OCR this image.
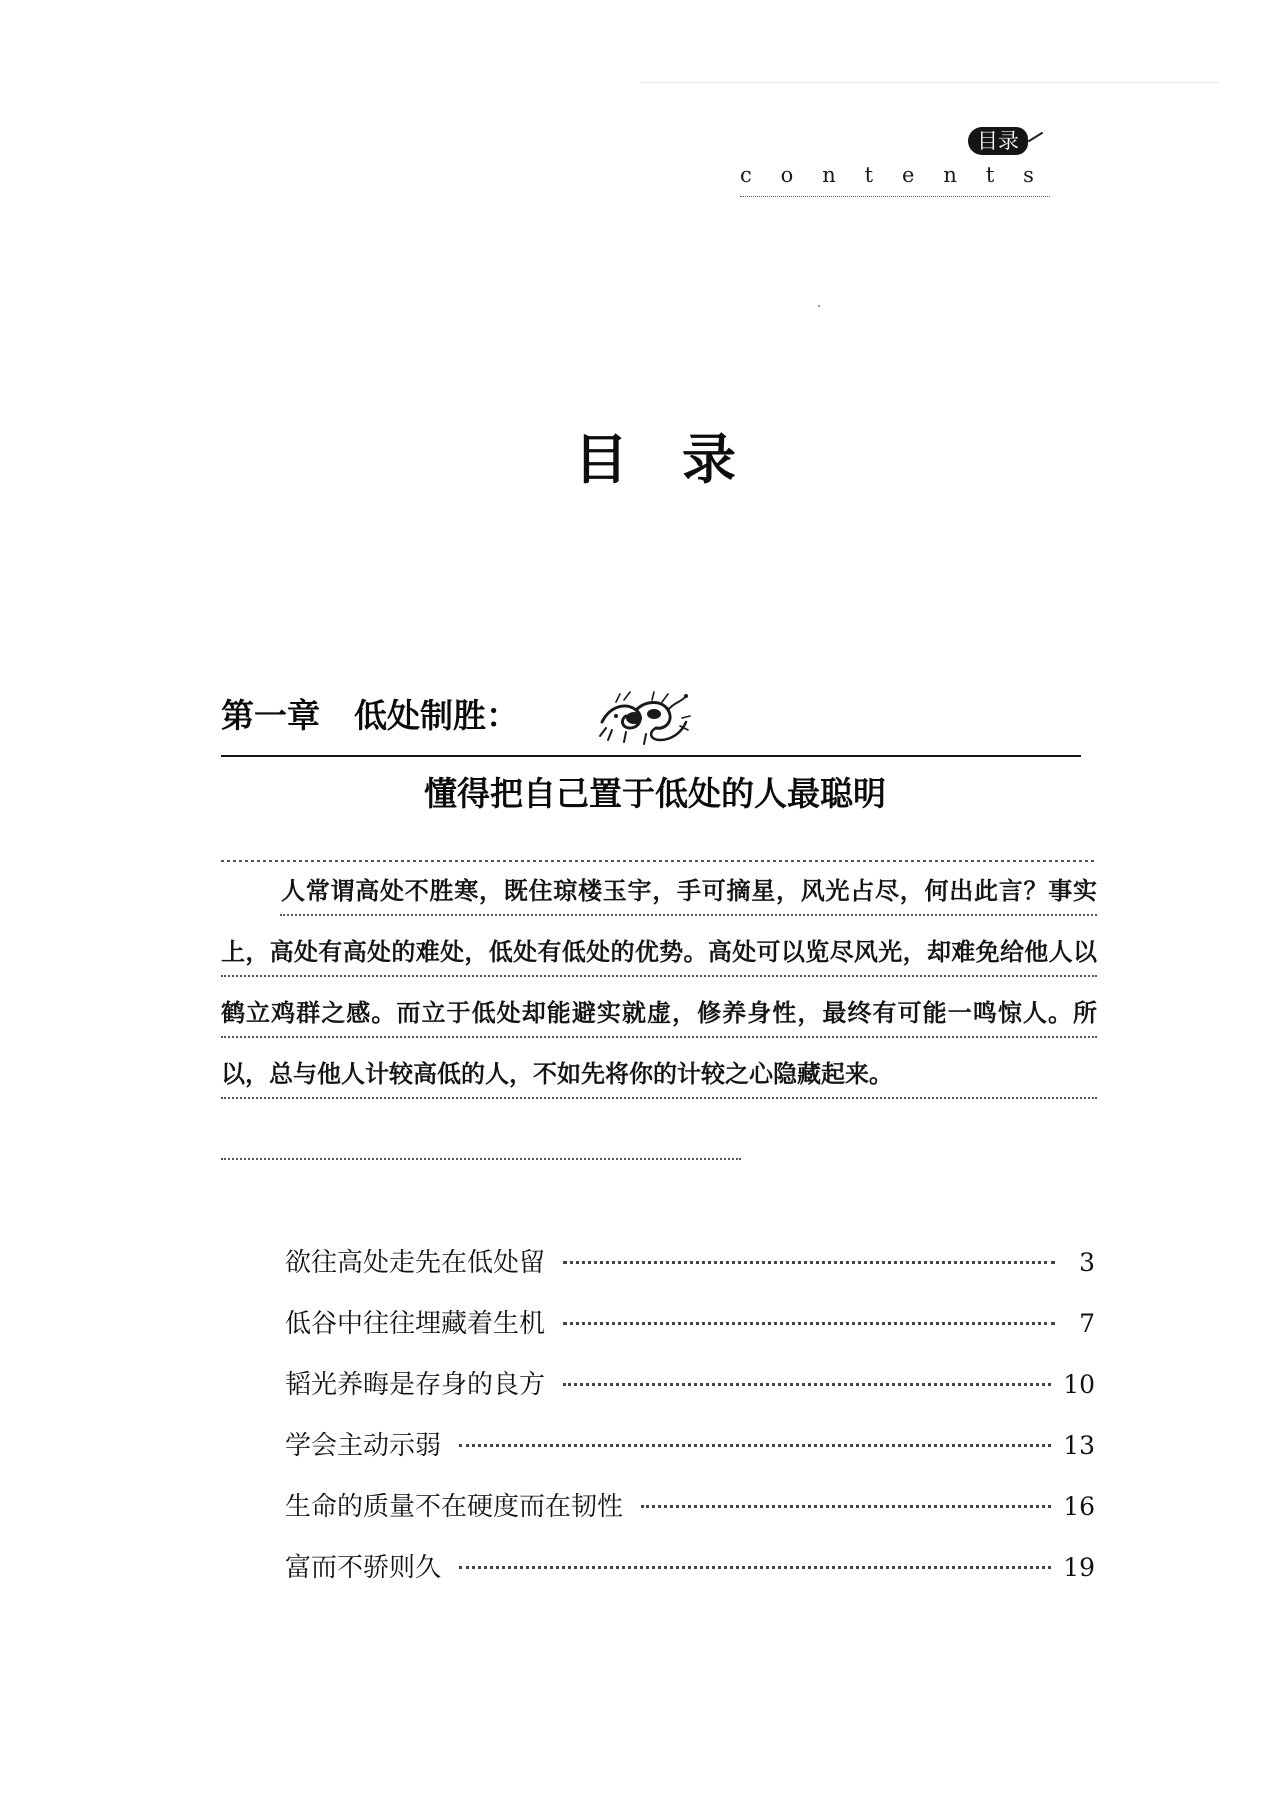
目录
c o n t e n t s
目　录
第一章 低处制胜：
懂得把自己置于低处的人最聪明
人常谓高处不胜寒，既住琼楼玉宇，手可摘星，风光占尽，何出此言？事实上，高处有高处的难处，低处有低处的优势。高处可以览尽风光，却难免给他人以鹤立鸡群之感。而立于低处却能避实就虚，修养身性，最终有可能一鸣惊人。所以，总与他人计较高低的人，不如先将你的计较之心隐藏起来。
欲往高处走先在低处留	3
低谷中往往埋藏着生机	7
韬光养晦是存身的良方	10
学会主动示弱	13
生命的质量不在硬度而在韧性	16
富而不骄则久	19
